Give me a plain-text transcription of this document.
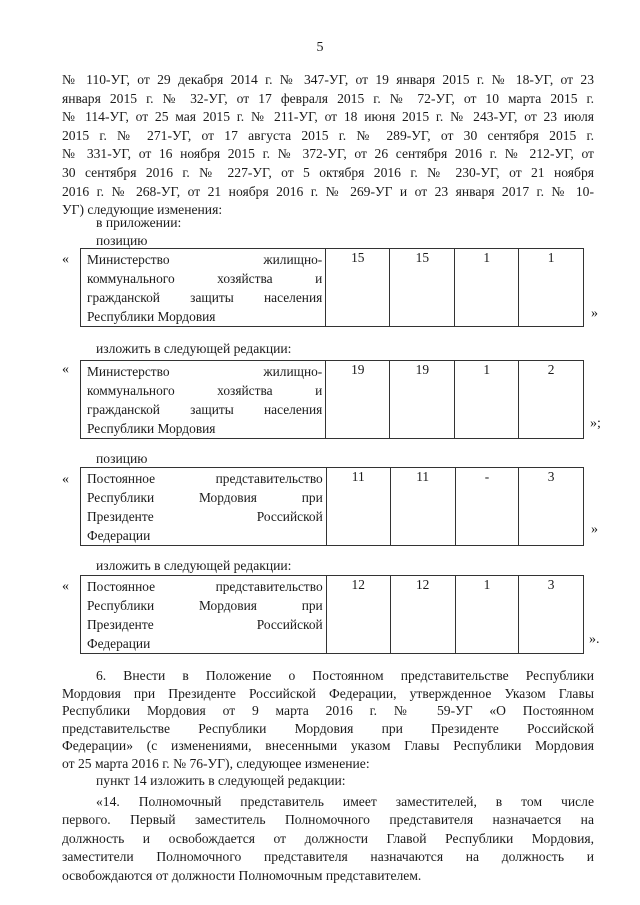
5
№ 110-УГ, от 29 декабря 2014 г. № 347-УГ, от 19 января 2015 г. № 18-УГ, от 23
января 2015 г. № 32-УГ, от 17 февраля 2015 г. № 72-УГ, от 10 марта 2015 г.
№ 114-УГ, от 25 мая 2015 г. № 211-УГ, от 18 июня 2015 г. № 243-УГ, от 23 июля
2015 г. № 271-УГ, от 17 августа 2015 г. № 289-УГ, от 30 сентября 2015 г.
№ 331-УГ, от 16 ноября 2015 г. № 372-УГ, от 26 сентября 2016 г. № 212-УГ, от
30 сентября 2016 г. № 227-УГ, от 5 октября 2016 г. № 230-УГ, от 21 ноября
2016 г. № 268-УГ, от 21 ноября 2016 г. № 269-УГ и от 23 января 2017 г. № 10-
УГ) следующие изменения:
в приложении:
позицию
« Министерство жилищно-
коммунального хозяйства и
гражданской защиты населения
Республики Мордовия
	15	15	1	1
»
изложить в следующей редакции:
« Министерство жилищно-
коммунального хозяйства и
гражданской защиты населения
Республики Мордовия
	19	19	1	2
»;
позицию
« Постоянное представительство
Республики Мордовия при
Президенте Российской
Федерации
	11	11	-	3
»
изложить в следующей редакции:
« Постоянное представительство
Республики Мордовия при
Президенте Российской
Федерации
	12	12	1	3
».
6. Внести в Положение о Постоянном представительстве Республики
Мордовия при Президенте Российской Федерации, утвержденное Указом Главы
Республики Мордовия от 9 марта 2016 г. № 59-УГ «О Постоянном
представительстве Республики Мордовия при Президенте Российской
Федерации» (с изменениями, внесенными указом Главы Республики Мордовия
от 25 марта 2016 г. № 76-УГ), следующее изменение:
пункт 14 изложить в следующей редакции:
«14. Полномочный представитель имеет заместителей, в том числе
первого. Первый заместитель Полномочного представителя назначается на
должность и освобождается от должности Главой Республики Мордовия,
заместители Полномочного представителя назначаются на должность и
освобождаются от должности Полномочным представителем.
